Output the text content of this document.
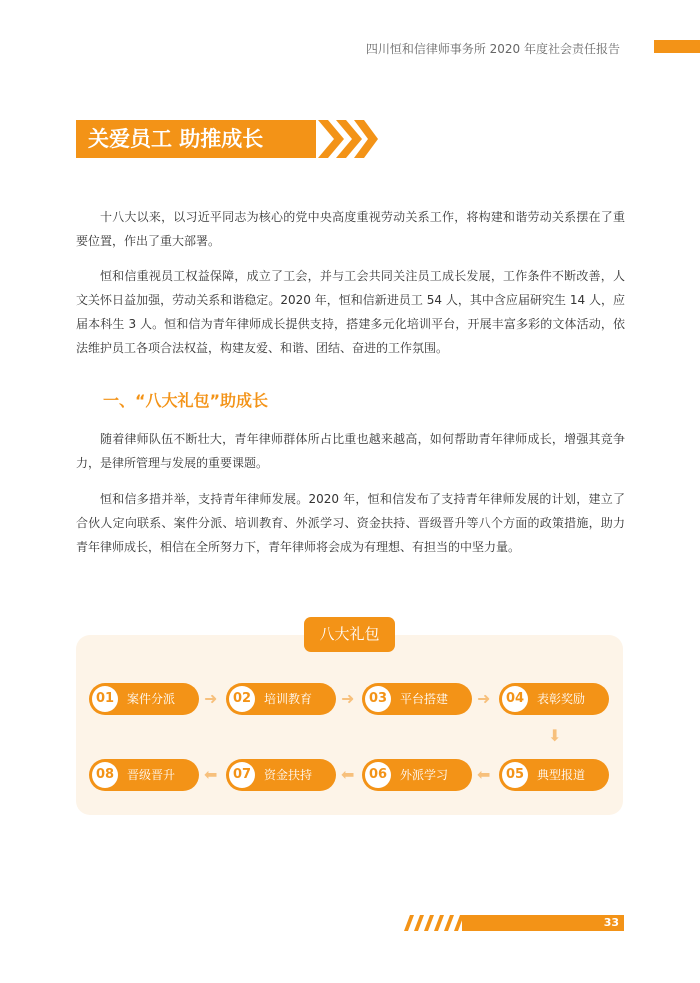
四川恒和信律师事务所 2020 年度社会责任报告
关爱员工 助推成长

十八大以来，以习近平同志为核心的党中央高度重视劳动关系工作，将构建和谐劳动关系摆在了重要位置，作出了重大部署。

恒和信重视员工权益保障，成立了工会，并与工会共同关注员工成长发展，工作条件不断改善，人文关怀日益加强，劳动关系和谐稳定。2020 年，恒和信新进员工 54 人，其中含应届研究生 14 人，应届本科生 3 人。恒和信为青年律师成长提供支持，搭建多元化培训平台，开展丰富多彩的文体活动，依法维护员工各项合法权益，构建友爱、和谐、团结、奋进的工作氛围。

一、“八大礼包”助成长

随着律师队伍不断壮大，青年律师群体所占比重也越来越高，如何帮助青年律师成长，增强其竞争力，是律所管理与发展的重要课题。

恒和信多措并举，支持青年律师发展。2020 年，恒和信发布了支持青年律师发展的计划，建立了合伙人定向联系、案件分派、培训教育、外派学习、资金扶持、晋级晋升等八个方面的政策措施，助力青年律师成长，相信在全所努力下，青年律师将会成为有理想、有担当的中坚力量。

八大礼包
01	案件分派 ➜	02	培训教育 ➜	03	平台搭建 ➜	04	表彰奖励
⬇
08	晋级晋升 ⬅	07	资金扶持 ⬅	06	外派学习 ⬅	05	典型报道
33
